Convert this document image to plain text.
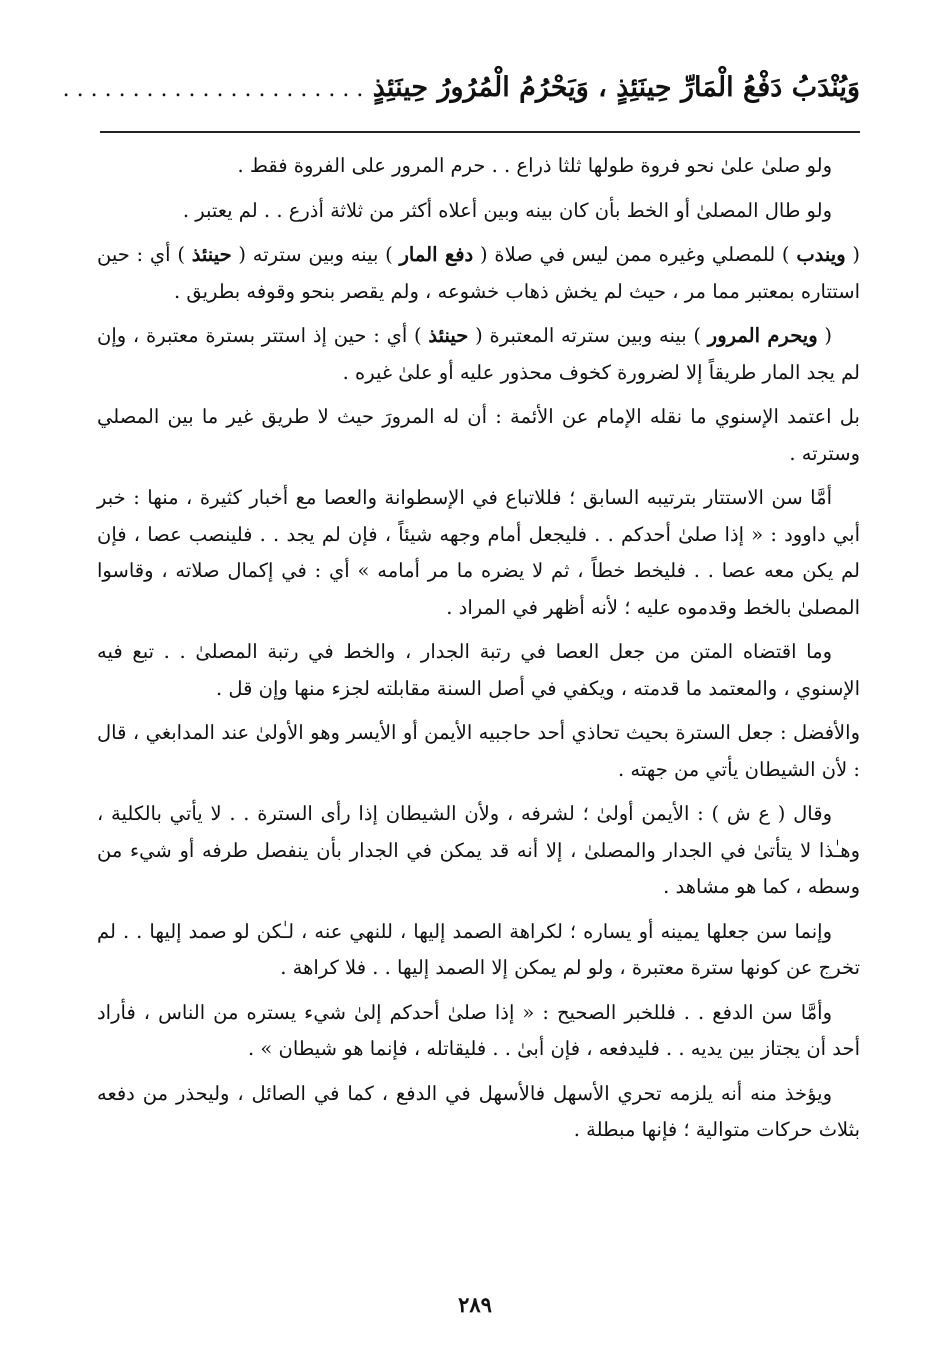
وَيُنْدَبُ دَفْعُ الْمَارِّ حِينَئِذٍ ، وَيَحْرُمُ الْمُرُورُ حِينَئِذٍ . . . . . . . . . . . . . . . . . . . . . .

ولو صلىٰ علىٰ نحو فروة طولها ثلثا ذراع . . حرم المرور على الفروة فقط .

ولو طال المصلىٰ أو الخط بأن كان بينه وبين أعلاه أكثر من ثلاثة أذرع . . لم يعتبر .

( ويندب ) للمصلي وغيره ممن ليس في صلاة ( دفع المار ) بينه وبين سترته ( حينئذ ) أي : حين استتاره بمعتبر مما مر ، حيث لم يخش ذهاب خشوعه ، ولم يقصر بنحو وقوفه بطريق .

( ويحرم المرور ) بينه وبين سترته المعتبرة ( حينئذ ) أي : حين إذ استتر بسترة معتبرة ، وإن لم يجد المار طريقاً إلا لضرورة كخوف محذور عليه أو علىٰ غيره .

بل اعتمد الإسنوي ما نقله الإمام عن الأئمة : أن له المرورَ حيث لا طريق غير ما بين المصلي وسترته .

أمَّا سن الاستتار بترتيبه السابق ؛ فللاتباع في الإسطوانة والعصا مع أخبار كثيرة ، منها : خبر أبي داوود : « إذا صلىٰ أحدكم . . فليجعل أمام وجهه شيئاً ، فإن لم يجد . . فلينصب عصا ، فإن لم يكن معه عصا . . فليخط خطاً ، ثم لا يضره ما مر أمامه » أي : في إكمال صلاته ، وقاسوا المصلىٰ بالخط وقدموه عليه ؛ لأنه أظهر في المراد .

وما اقتضاه المتن من جعل العصا في رتبة الجدار ، والخط في رتبة المصلىٰ . . تبع فيه الإسنوي ، والمعتمد ما قدمته ، ويكفي في أصل السنة مقابلته لجزء منها وإن قل .

والأفضل : جعل السترة بحيث تحاذي أحد حاجبيه الأيمن أو الأيسر وهو الأولىٰ عند المدابغي ، قال : لأن الشيطان يأتي من جهته .

وقال ( ع ش ) : الأيمن أولىٰ ؛ لشرفه ، ولأن الشيطان إذا رأى السترة . . لا يأتي بالكلية ، وهـٰذا لا يتأتىٰ في الجدار والمصلىٰ ، إلا أنه قد يمكن في الجدار بأن ينفصل طرفه أو شيء من وسطه ، كما هو مشاهد .

وإنما سن جعلها يمينه أو يساره ؛ لكراهة الصمد إليها ، للنهي عنه ، لـٰكن لو صمد إليها . . لم تخرج عن كونها سترة معتبرة ، ولو لم يمكن إلا الصمد إليها . . فلا كراهة .

وأمَّا سن الدفع . . فللخبر الصحيح : « إذا صلىٰ أحدكم إلىٰ شيء يستره من الناس ، فأراد أحد أن يجتاز بين يديه . . فليدفعه ، فإن أبىٰ . . فليقاتله ، فإنما هو شيطان » .

ويؤخذ منه أنه يلزمه تحري الأسهل فالأسهل في الدفع ، كما في الصائل ، وليحذر من دفعه بثلاث حركات متوالية ؛ فإنها مبطلة .

٢٨٩
